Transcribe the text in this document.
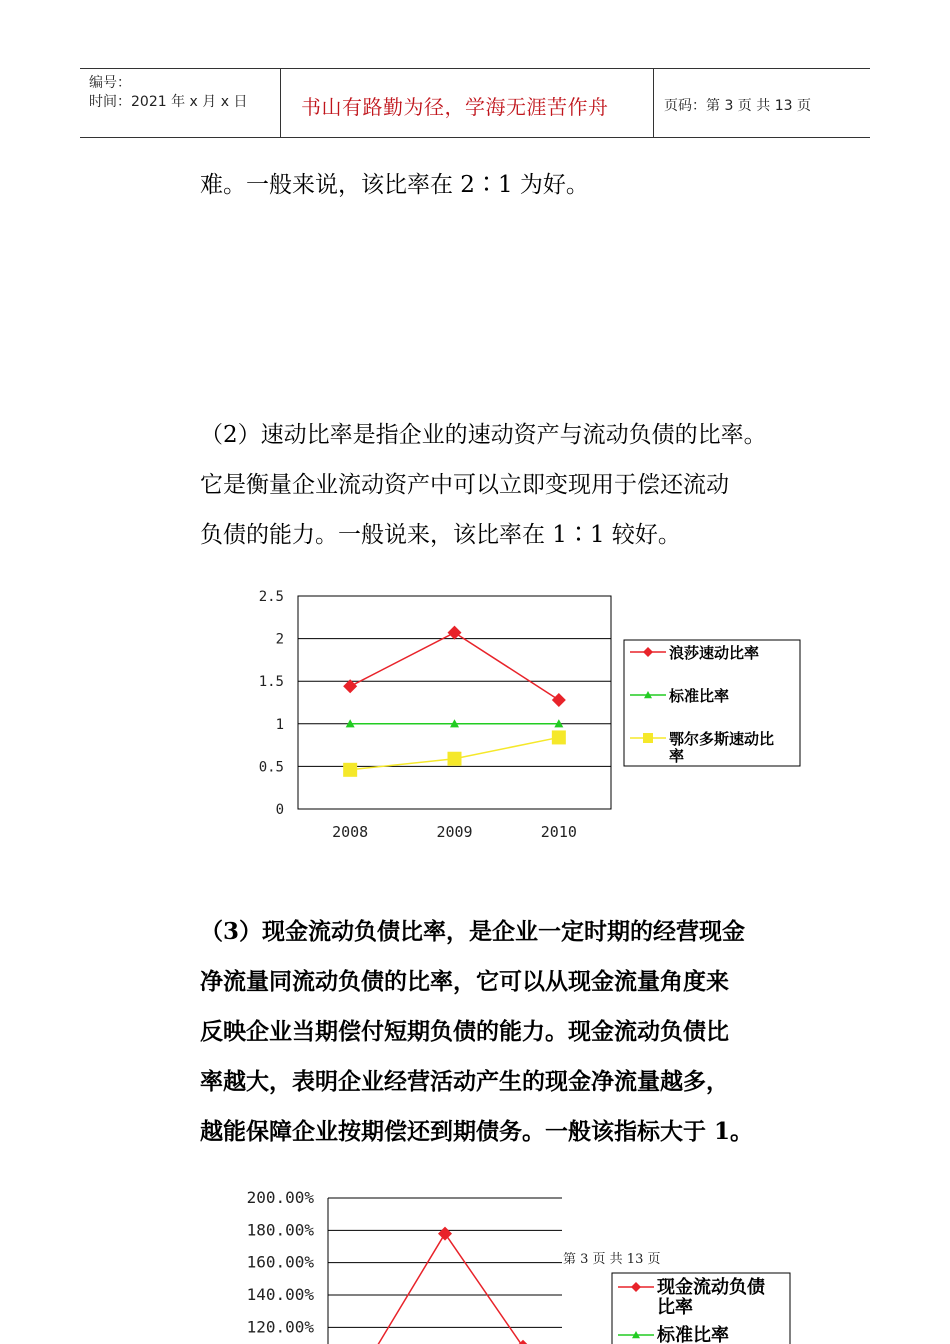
编号：
时间：2021 年 x 月 x 日	书山有路勤为径，学海无涯苦作舟	页码：第 3 页 共 13 页
难。一般来说，该比率在 2∶1 为好。
（2）速动比率是指企业的速动资产与流动负债的比率。
它是衡量企业流动资产中可以立即变现用于偿还流动
负债的能力。一般说来，该比率在 1∶1 较好。
（3）现金流动负债比率，是企业一定时期的经营现金
净流量同流动负债的比率，它可以从现金流量角度来
反映企业当期偿付短期负债的能力。现金流动负债比
率越大，表明企业经营活动产生的现金净流量越多，
越能保障企业按期偿还到期债务。一般该指标大于 1。
0
0.5
1
1.5
2
2.5
2008	2009	2010
浪莎速动比率
标准比率
鄂尔多斯速动比率
120.00%
140.00%
160.00%
180.00%
200.00%
现金流动负债比率
标准比率
第 3 页 共 13 页
